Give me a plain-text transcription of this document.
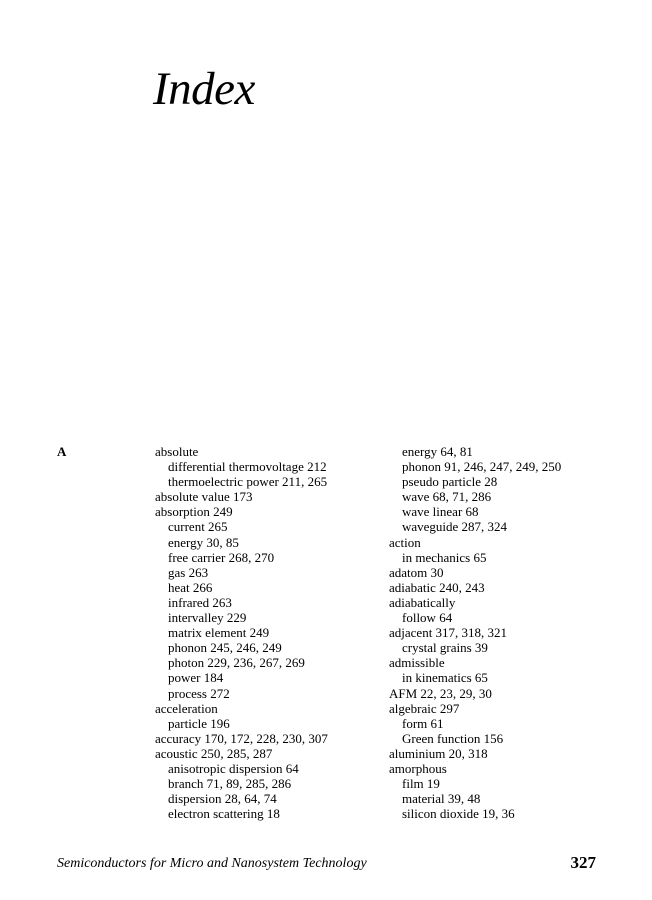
Index
A	absolute
differential thermovoltage 212
thermoelectric power 211, 265
absolute value 173
absorption 249
current 265
energy 30, 85
free carrier 268, 270
gas 263
heat 266
infrared 263
intervalley 229
matrix element 249
phonon 245, 246, 249
photon 229, 236, 267, 269
power 184
process 272
acceleration
particle 196
accuracy 170, 172, 228, 230, 307
acoustic 250, 285, 287
anisotropic dispersion 64
branch 71, 89, 285, 286
dispersion 28, 64, 74
electron scattering 18
energy 64, 81
phonon 91, 246, 247, 249, 250
pseudo particle 28
wave 68, 71, 286
wave linear 68
waveguide 287, 324
action
in mechanics 65
adatom 30
adiabatic 240, 243
adiabatically
follow 64
adjacent 317, 318, 321
crystal grains 39
admissible
in kinematics 65
AFM 22, 23, 29, 30
algebraic 297
form 61
Green function 156
aluminium 20, 318
amorphous
film 19
material 39, 48
silicon dioxide 19, 36
Semiconductors for Micro and Nanosystem Technology	327
